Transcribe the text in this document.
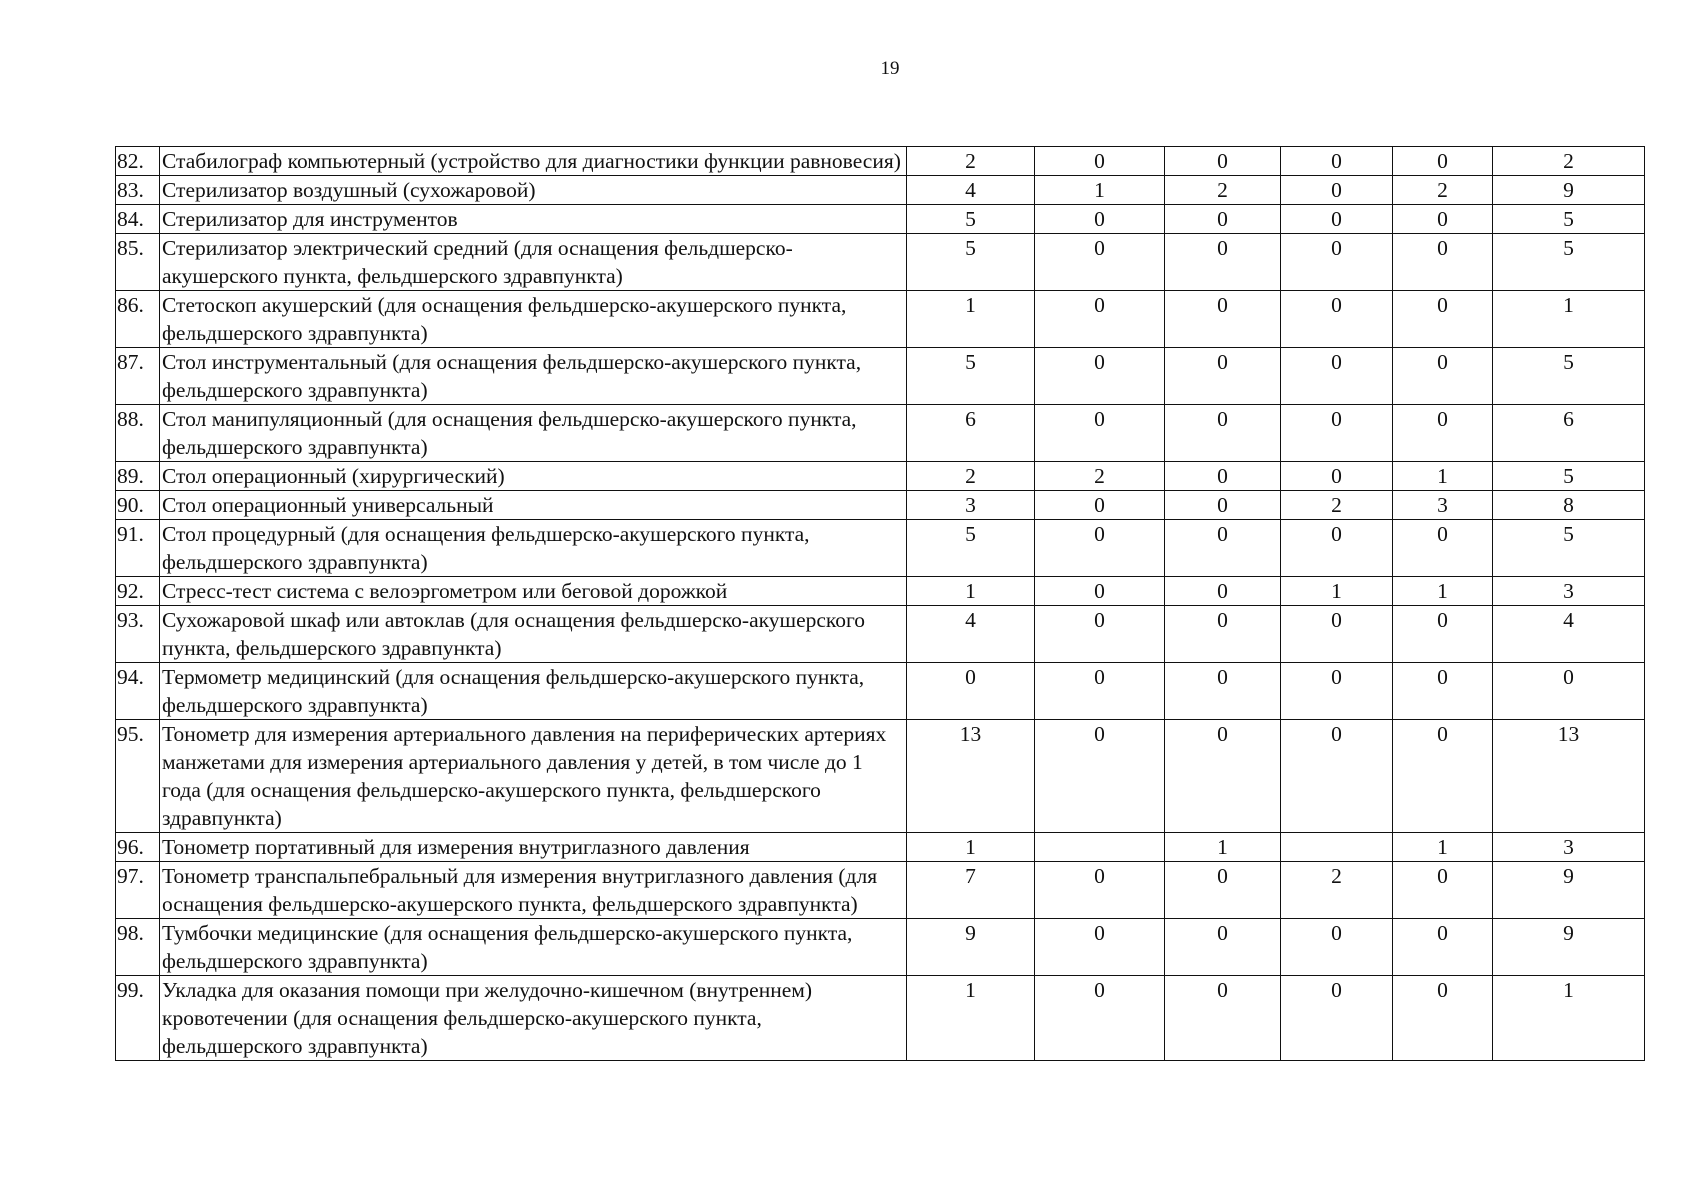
19
82.	Стабилограф компьютерный (устройство для диагностики функции равновесия)	2	0	0	0	0	2
83.	Стерилизатор воздушный (сухожаровой)	4	1	2	0	2	9
84.	Стерилизатор для инструментов	5	0	0	0	0	5
85.	Стерилизатор электрический средний (для оснащения фельдшерско-акушерского пункта, фельдшерского здравпункта)	5	0	0	0	0	5
86.	Стетоскоп акушерский (для оснащения фельдшерско-акушерского пункта, фельдшерского здравпункта)	1	0	0	0	0	1
87.	Стол инструментальный (для оснащения фельдшерско-акушерского пункта, фельдшерского здравпункта)	5	0	0	0	0	5
88.	Стол манипуляционный (для оснащения фельдшерско-акушерского пункта, фельдшерского здравпункта)	6	0	0	0	0	6
89.	Стол операционный (хирургический)	2	2	0	0	1	5
90.	Стол операционный универсальный	3	0	0	2	3	8
91.	Стол процедурный (для оснащения фельдшерско-акушерского пункта, фельдшерского здравпункта)	5	0	0	0	0	5
92.	Стресс-тест система с велоэргометром или беговой дорожкой	1	0	0	1	1	3
93.	Сухожаровой шкаф или автоклав (для оснащения фельдшерско-акушерского пункта, фельдшерского здравпункта)	4	0	0	0	0	4
94.	Термометр медицинский (для оснащения фельдшерско-акушерского пункта, фельдшерского здравпункта)	0	0	0	0	0	0
95.	Тонометр для измерения артериального давления на периферических артериях манжетами для измерения артериального давления у детей, в том числе до 1 года (для оснащения фельдшерско-акушерского пункта, фельдшерского здравпункта)	13	0	0	0	0	13
96.	Тонометр портативный для измерения внутриглазного давления	1		1		1	3
97.	Тонометр транспальпебральный для измерения внутриглазного давления (для оснащения фельдшерско-акушерского пункта, фельдшерского здравпункта)	7	0	0	2	0	9
98.	Тумбочки медицинские (для оснащения фельдшерско-акушерского пункта, фельдшерского здравпункта)	9	0	0	0	0	9
99.	Укладка для оказания помощи при желудочно-кишечном (внутреннем) кровотечении (для оснащения фельдшерско-акушерского пункта, фельдшерского здравпункта)	1	0	0	0	0	1
